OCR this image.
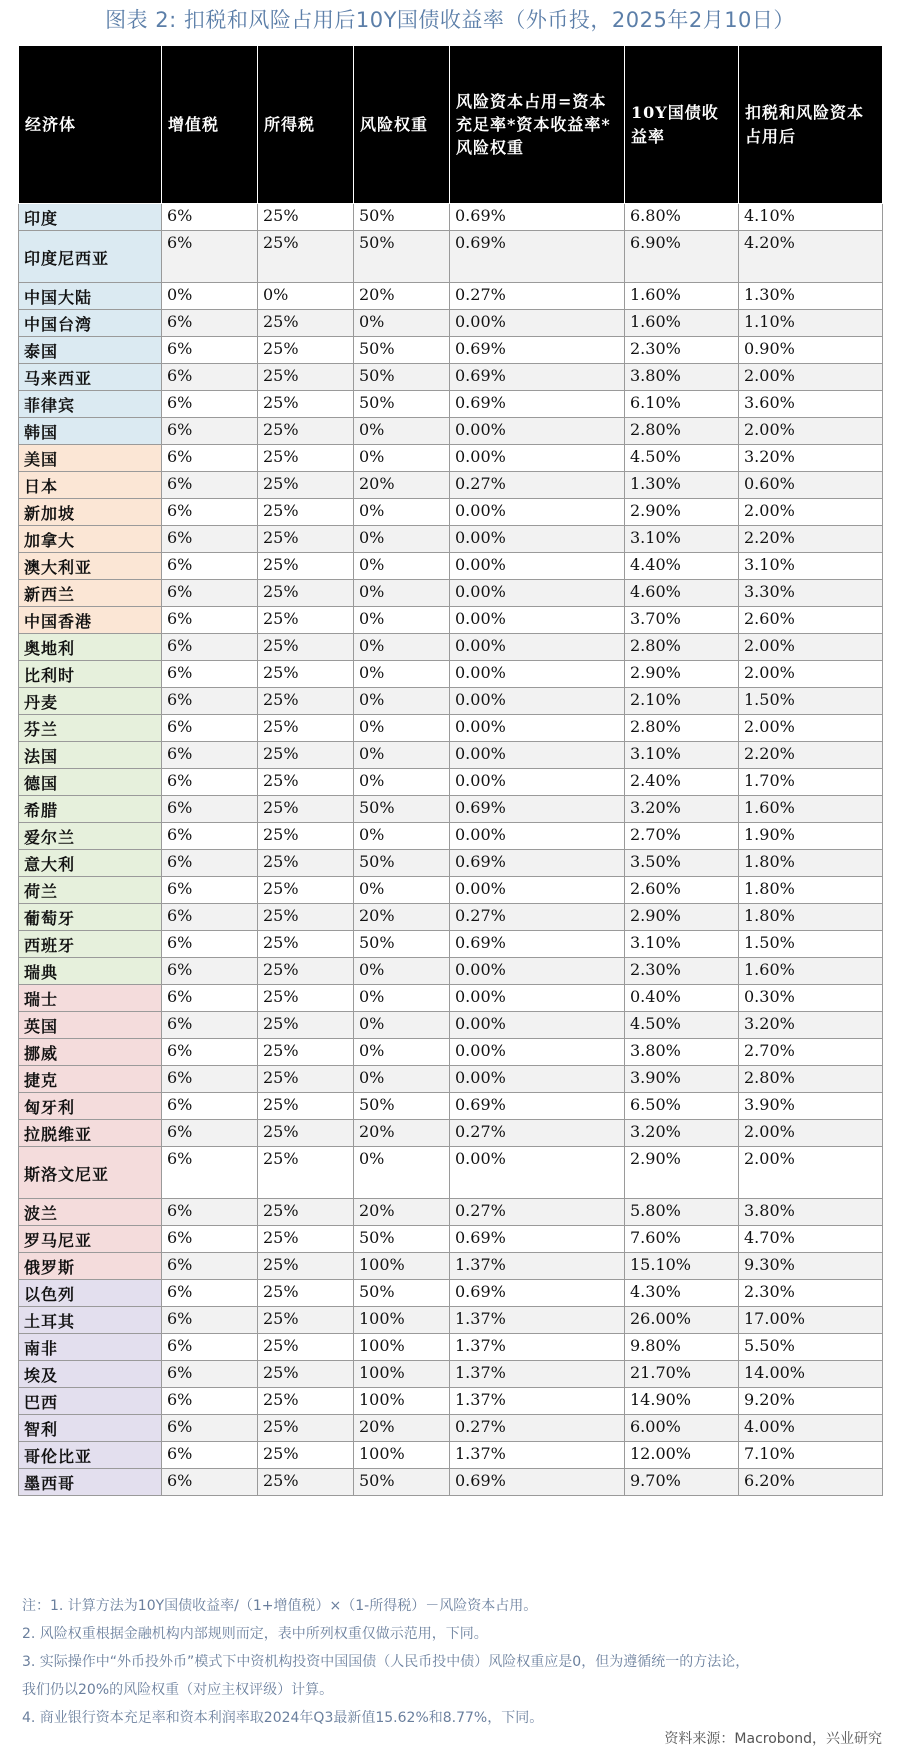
图表 2: 扣税和风险占用后10Y国债收益率（外币投，2025年2月10日）
经济体	增值税	所得税	风险权重	风险资本占用=资本充足率*资本收益率*风险权重	10Y国债收益率	扣税和风险资本占用后
印度	6%	25%	50%	0.69%	6.80%	4.10%
印度尼西亚	6%	25%	50%	0.69%	6.90%	4.20%
中国大陆	0%	0%	20%	0.27%	1.60%	1.30%
中国台湾	6%	25%	0%	0.00%	1.60%	1.10%
泰国	6%	25%	50%	0.69%	2.30%	0.90%
马来西亚	6%	25%	50%	0.69%	3.80%	2.00%
菲律宾	6%	25%	50%	0.69%	6.10%	3.60%
韩国	6%	25%	0%	0.00%	2.80%	2.00%
美国	6%	25%	0%	0.00%	4.50%	3.20%
日本	6%	25%	20%	0.27%	1.30%	0.60%
新加坡	6%	25%	0%	0.00%	2.90%	2.00%
加拿大	6%	25%	0%	0.00%	3.10%	2.20%
澳大利亚	6%	25%	0%	0.00%	4.40%	3.10%
新西兰	6%	25%	0%	0.00%	4.60%	3.30%
中国香港	6%	25%	0%	0.00%	3.70%	2.60%
奥地利	6%	25%	0%	0.00%	2.80%	2.00%
比利时	6%	25%	0%	0.00%	2.90%	2.00%
丹麦	6%	25%	0%	0.00%	2.10%	1.50%
芬兰	6%	25%	0%	0.00%	2.80%	2.00%
法国	6%	25%	0%	0.00%	3.10%	2.20%
德国	6%	25%	0%	0.00%	2.40%	1.70%
希腊	6%	25%	50%	0.69%	3.20%	1.60%
爱尔兰	6%	25%	0%	0.00%	2.70%	1.90%
意大利	6%	25%	50%	0.69%	3.50%	1.80%
荷兰	6%	25%	0%	0.00%	2.60%	1.80%
葡萄牙	6%	25%	20%	0.27%	2.90%	1.80%
西班牙	6%	25%	50%	0.69%	3.10%	1.50%
瑞典	6%	25%	0%	0.00%	2.30%	1.60%
瑞士	6%	25%	0%	0.00%	0.40%	0.30%
英国	6%	25%	0%	0.00%	4.50%	3.20%
挪威	6%	25%	0%	0.00%	3.80%	2.70%
捷克	6%	25%	0%	0.00%	3.90%	2.80%
匈牙利	6%	25%	50%	0.69%	6.50%	3.90%
拉脱维亚	6%	25%	20%	0.27%	3.20%	2.00%
斯洛文尼亚	6%	25%	0%	0.00%	2.90%	2.00%
波兰	6%	25%	20%	0.27%	5.80%	3.80%
罗马尼亚	6%	25%	50%	0.69%	7.60%	4.70%
俄罗斯	6%	25%	100%	1.37%	15.10%	9.30%
以色列	6%	25%	50%	0.69%	4.30%	2.30%
土耳其	6%	25%	100%	1.37%	26.00%	17.00%
南非	6%	25%	100%	1.37%	9.80%	5.50%
埃及	6%	25%	100%	1.37%	21.70%	14.00%
巴西	6%	25%	100%	1.37%	14.90%	9.20%
智利	6%	25%	20%	0.27%	6.00%	4.00%
哥伦比亚	6%	25%	100%	1.37%	12.00%	7.10%
墨西哥	6%	25%	50%	0.69%	9.70%	6.20%
注：1. 计算方法为10Y国债收益率/（1+增值税）×（1-所得税）－风险资本占用。
2. 风险权重根据金融机构内部规则而定，表中所列权重仅做示范用，下同。
3. 实际操作中“外币投外币”模式下中资机构投资中国国债（人民币投中债）风险权重应是0，但为遵循统一的方法论，
我们仍以20%的风险权重（对应主权评级）计算。
4. 商业银行资本充足率和资本利润率取2024年Q3最新值15.62%和8.77%，下同。
资料来源：Macrobond，兴业研究
